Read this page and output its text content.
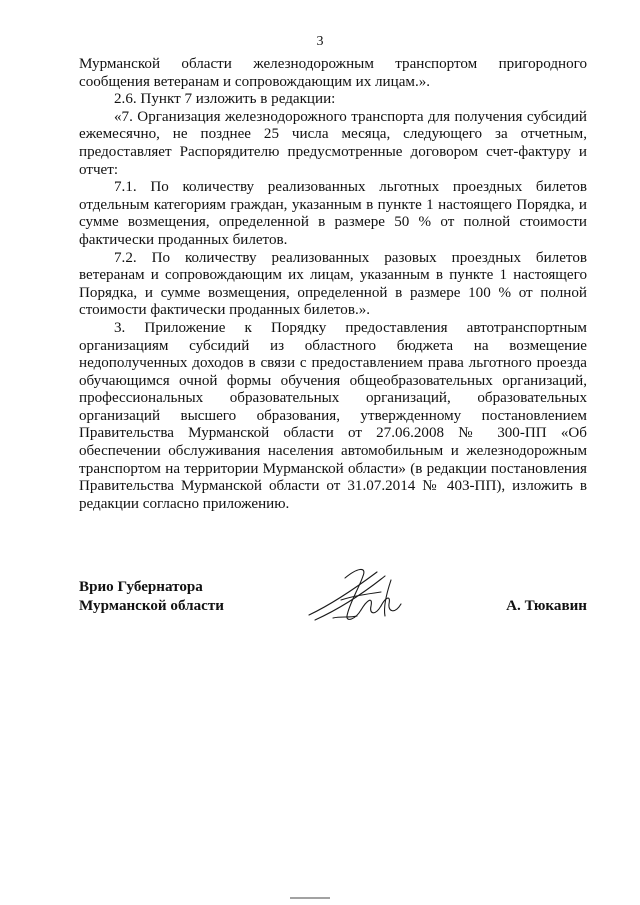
3

Мурманской области железнодорожным транспортом пригородного сообщения ветеранам и сопровождающим их лицам.».

2.6. Пункт 7 изложить в редакции:

«7. Организация железнодорожного транспорта для получения субсидий ежемесячно, не позднее 25 числа месяца, следующего за отчетным, предоставляет Распорядителю предусмотренные договором счет-фактуру и отчет:

7.1. По количеству реализованных льготных проездных билетов отдельным категориям граждан, указанным в пункте 1 настоящего Порядка, и сумме возмещения, определенной в размере 50 % от полной стоимости фактически проданных билетов.

7.2. По количеству реализованных разовых проездных билетов ветеранам и сопровождающим их лицам, указанным в пункте 1 настоящего Порядка, и сумме возмещения, определенной в размере 100 % от полной стоимости фактически проданных билетов.».

3. Приложение к Порядку предоставления автотранспортным организациям субсидий из областного бюджета на возмещение недополученных доходов в связи с предоставлением права льготного проезда обучающимся очной формы обучения общеобразовательных организаций, профессиональных образовательных организаций, образовательных организаций высшего образования, утвержденному постановлением Правительства Мурманской области от 27.06.2008 № 300-ПП «Об обеспечении обслуживания населения автомобильным и железнодорожным транспортом на территории Мурманской области» (в редакции постановления Правительства Мурманской области от 31.07.2014 № 403-ПП), изложить в редакции согласно приложению.

Врио Губернатора
Мурманской области	А. Тюкавин
